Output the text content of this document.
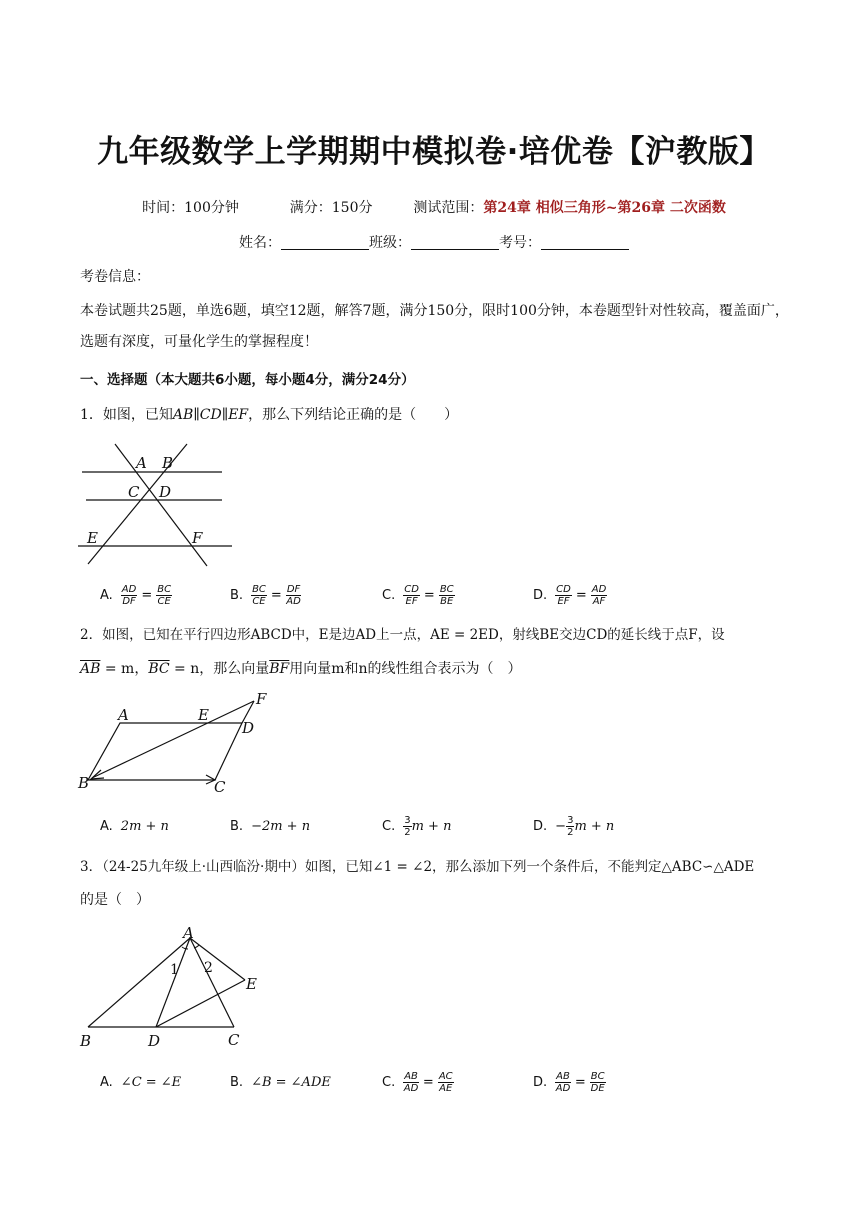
九年级数学上学期期中模拟卷·培优卷【沪教版】
时间：100分钟	满分：150分	测试范围：第24章 相似三角形~第26章 二次函数
姓名：	班级：	考号：
考卷信息：
本卷试题共25题，单选6题，填空12题，解答7题，满分150分，限时100分钟，本卷题型针对性较高，覆盖面广，选题有深度，可量化学生的掌握程度！
一、选择题（本大题共6小题，每小题4分，满分24分）
1．如图，已知AB∥CD∥EF，那么下列结论正确的是（　　）
A B
C D
E	F
A. $\frac{AD}{DF} = \frac{BC}{CE}$	B. $\frac{BC}{CE} = \frac{DF}{AD}$	C. $\frac{CD}{EF} = \frac{BC}{BE}$	D. $\frac{CD}{EF} = \frac{AD}{AF}$
2．如图，已知在平行四边形ABCD中，E是边AD上一点，AE = 2ED，射线BE交边CD的延长线于点F，设
$\overline{AB} = m$，$\overline{BC} = n$，那么向量$\overline{BF}$用向量m和n的线性组合表示为（　）
A	E
F
D
B	C
A. 2m + n	B. −2m + n	C. $\frac{3}{2}$ m + n	D. − $\frac{3}{2}$ m + n
3．（24-25九年级上·山西临汾·期中）如图，已知∠1 = ∠2，那么添加下列一个条件后，不能判定△ABC∽△ADE
的是（　）
A
1 2
E
B	D	C
A. ∠C = ∠E	B. ∠B = ∠ADE	C. $\frac{AB}{AD} = \frac{AC}{AE}$	D. $\frac{AB}{AD} = \frac{BC}{DE}$
